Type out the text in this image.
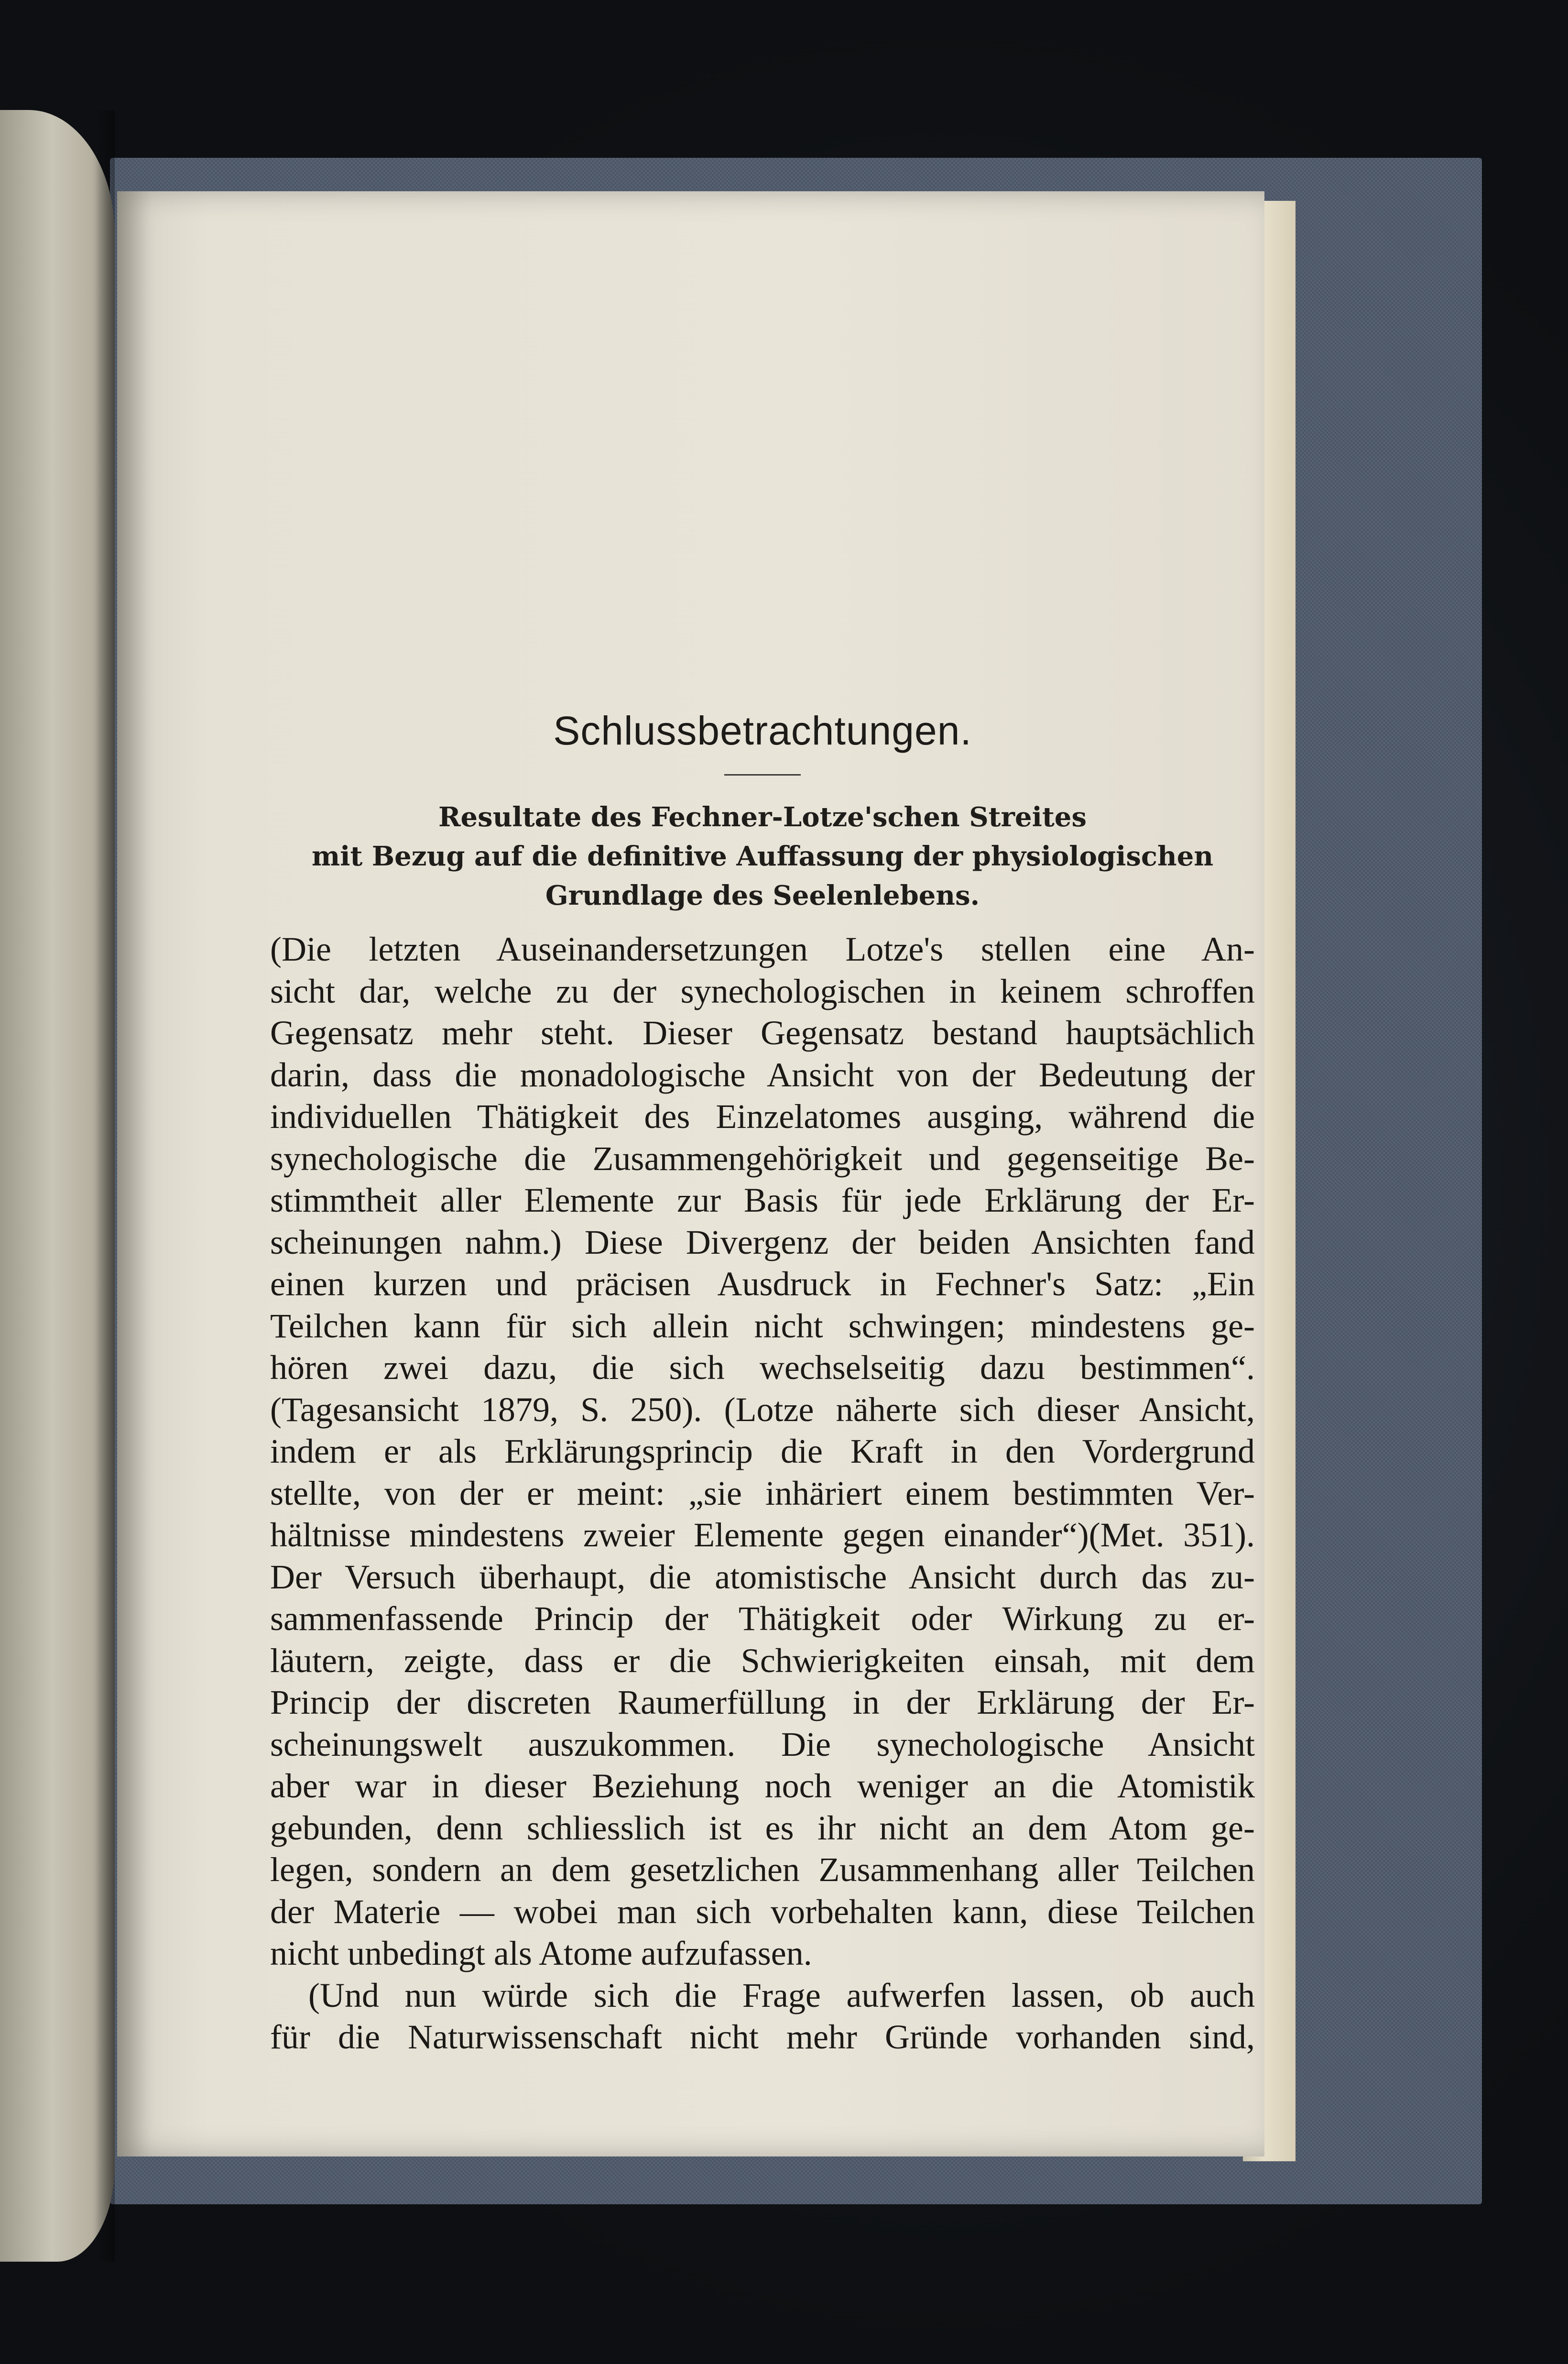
Schlussbetrachtungen.
Resultate des Fechner-Lotze'schen Streites
mit Bezug auf die definitive Auffassung der physiologischen
Grundlage des Seelenlebens.
(Die letzten Auseinandersetzungen Lotze's stellen eine An-
sicht dar, welche zu der synechologischen in keinem schroffen
Gegensatz mehr steht. Dieser Gegensatz bestand hauptsächlich
darin, dass die monadologische Ansicht von der Bedeutung der
individuellen Thätigkeit des Einzelatomes ausging, während die
synechologische die Zusammengehörigkeit und gegenseitige Be-
stimmtheit aller Elemente zur Basis für jede Erklärung der Er-
scheinungen nahm.) Diese Divergenz der beiden Ansichten fand
einen kurzen und präcisen Ausdruck in Fechner's Satz: „Ein
Teilchen kann für sich allein nicht schwingen; mindestens ge-
hören zwei dazu, die sich wechselseitig dazu bestimmen“.
(Tagesansicht 1879, S. 250). (Lotze näherte sich dieser Ansicht,
indem er als Erklärungsprincip die Kraft in den Vordergrund
stellte, von der er meint: „sie inhäriert einem bestimmten Ver-
hältnisse mindestens zweier Elemente gegen einander“)(Met. 351).
Der Versuch überhaupt, die atomistische Ansicht durch das zu-
sammenfassende Princip der Thätigkeit oder Wirkung zu er-
läutern, zeigte, dass er die Schwierigkeiten einsah, mit dem
Princip der discreten Raumerfüllung in der Erklärung der Er-
scheinungswelt auszukommen. Die synechologische Ansicht
aber war in dieser Beziehung noch weniger an die Atomistik
gebunden, denn schliesslich ist es ihr nicht an dem Atom ge-
legen, sondern an dem gesetzlichen Zusammenhang aller Teilchen
der Materie — wobei man sich vorbehalten kann, diese Teilchen
nicht unbedingt als Atome aufzufassen.
(Und nun würde sich die Frage aufwerfen lassen, ob auch
für die Naturwissenschaft nicht mehr Gründe vorhanden sind,
